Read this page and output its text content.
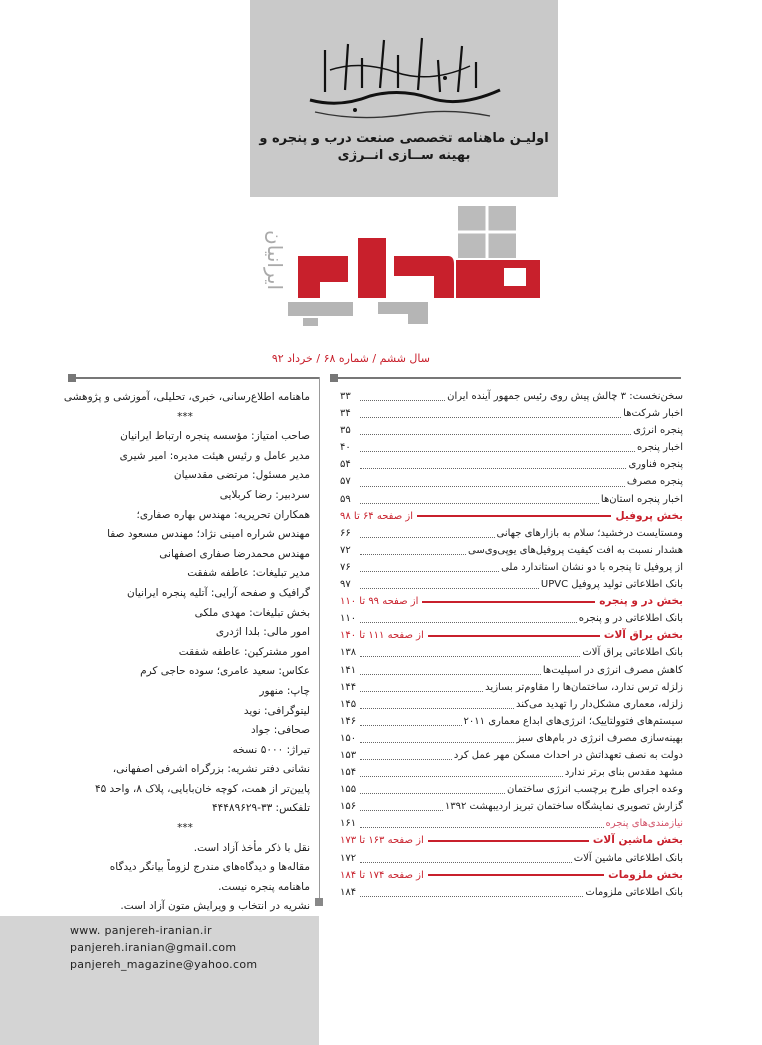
اولیـن ماهنامه تخصصی صنعت درب و پنجره و
بهینه ســازی انــرژی
ایرانیان
سال ششم / شماره ۶۸ / خرداد ۹۲
ماهنامه اطلاع‌رسانی، خبری، تحلیلی، آموزشی و پژوهشی
***
صاحب امتیاز: مؤسسه پنجره ارتباط ایرانیان
مدیر عامل و رئیس هیئت مدیره: امیر شیری
مدیر مسئول: مرتضی مقدسیان
سردبیر: رضا کربلایی
همکاران تحریریه: مهندس بهاره صفاری؛
مهندس شراره امینی نژاد؛ مهندس مسعود صفا
مهندس محمدرضا صفاری اصفهانی
مدیر تبلیغات: عاطفه شفقت
گرافیک و صفحه آرایی: آتلیه پنجره ایرانیان
بخش تبلیغات: مهدی ملکی
امور مالی: بلدا اژدری
امور مشترکین: عاطفه شفقت
عکاس: سعید عامری؛ سوده حاجی کرم
چاپ: منهور
لیتوگرافی: نوید
صحافی: جواد
تیراژ: ۵۰۰۰ نسخه
نشانی دفتر نشریه: بزرگراه اشرفی اصفهانی،
پایین‌تر از همت، کوچه خان‌بابایی، پلاک ۸، واحد ۴۵
تلفکس: ۳۳-۴۴۴۸۹۶۲۹
***
نقل با ذکر مأخذ آزاد است.
مقاله‌ها و دیدگاه‌های مندرج لزوماً بیانگر دیدگاه
ماهنامه پنجره نیست.
نشریه در انتخاب و ویرایش متون آزاد است.
سخن‌نخست: ۳ چالش پیش روی رئیس جمهور آینده ایران
۳۳
اخبار شرکت‌ها
۳۴
پنجره انرژی
۳۵
اخبار پنجره
۴۰
پنجره فناوری
۵۴
پنجره مصرف
۵۷
اخبار پنجره استان‌ها
۵۹
بخش پروفیل
از صفحه ۶۴ تا ۹۸
ومستایست درخشید؛ سلام به بازارهای جهانی
۶۶
هشدار نسبت به افت کیفیت پروفیل‌های یوپی‌وی‌سی
۷۲
از پروفیل تا پنجره با دو نشان استاندارد ملی
۷۶
بانک اطلاعاتی تولید پروفیل UPVC
۹۷
بخش در و پنجره
از صفحه ۹۹ تا ۱۱۰
بانک اطلاعاتی در و پنجره
۱۱۰
بخش یراق آلات
از صفحه ۱۱۱ تا ۱۴۰
بانک اطلاعاتی یراق آلات
۱۳۸
کاهش مصرف انرژی در اسپلیت‌ها
۱۴۱
زلزله ترس ندارد، ساختمان‌ها را مقاوم‌تر بسازید
۱۴۴
زلزله، معماری مشکل‌دار را تهدید می‌کند
۱۴۵
سیستم‌های فتوولتاییک؛ انرژی‌های ابداع معماری ۲۰۱۱
۱۴۶
بهینه‌سازی مصرف انرژی در بام‌های سبز
۱۵۰
دولت به نصف تعهداتش در احداث مسکن مهر عمل کرد
۱۵۳
مشهد مقدس بنای برتر ندارد
۱۵۴
وعده اجرای طرح برچسب انرژی ساختمان
۱۵۵
گزارش تصویری نمایشگاه ساختمان تبریز اردیبهشت ۱۳۹۲
۱۵۶
نیازمندی‌های پنجره
۱۶۱
بخش ماشین آلات
از صفحه ۱۶۳ تا ۱۷۳
بانک اطلاعاتی ماشین آلات
۱۷۲
بخش ملزومات
از صفحه ۱۷۴ تا ۱۸۴
بانک اطلاعاتی ملزومات
۱۸۴
www. panjereh-iranian.ir
panjereh.iranian@gmail.com
panjereh_magazine@yahoo.com
